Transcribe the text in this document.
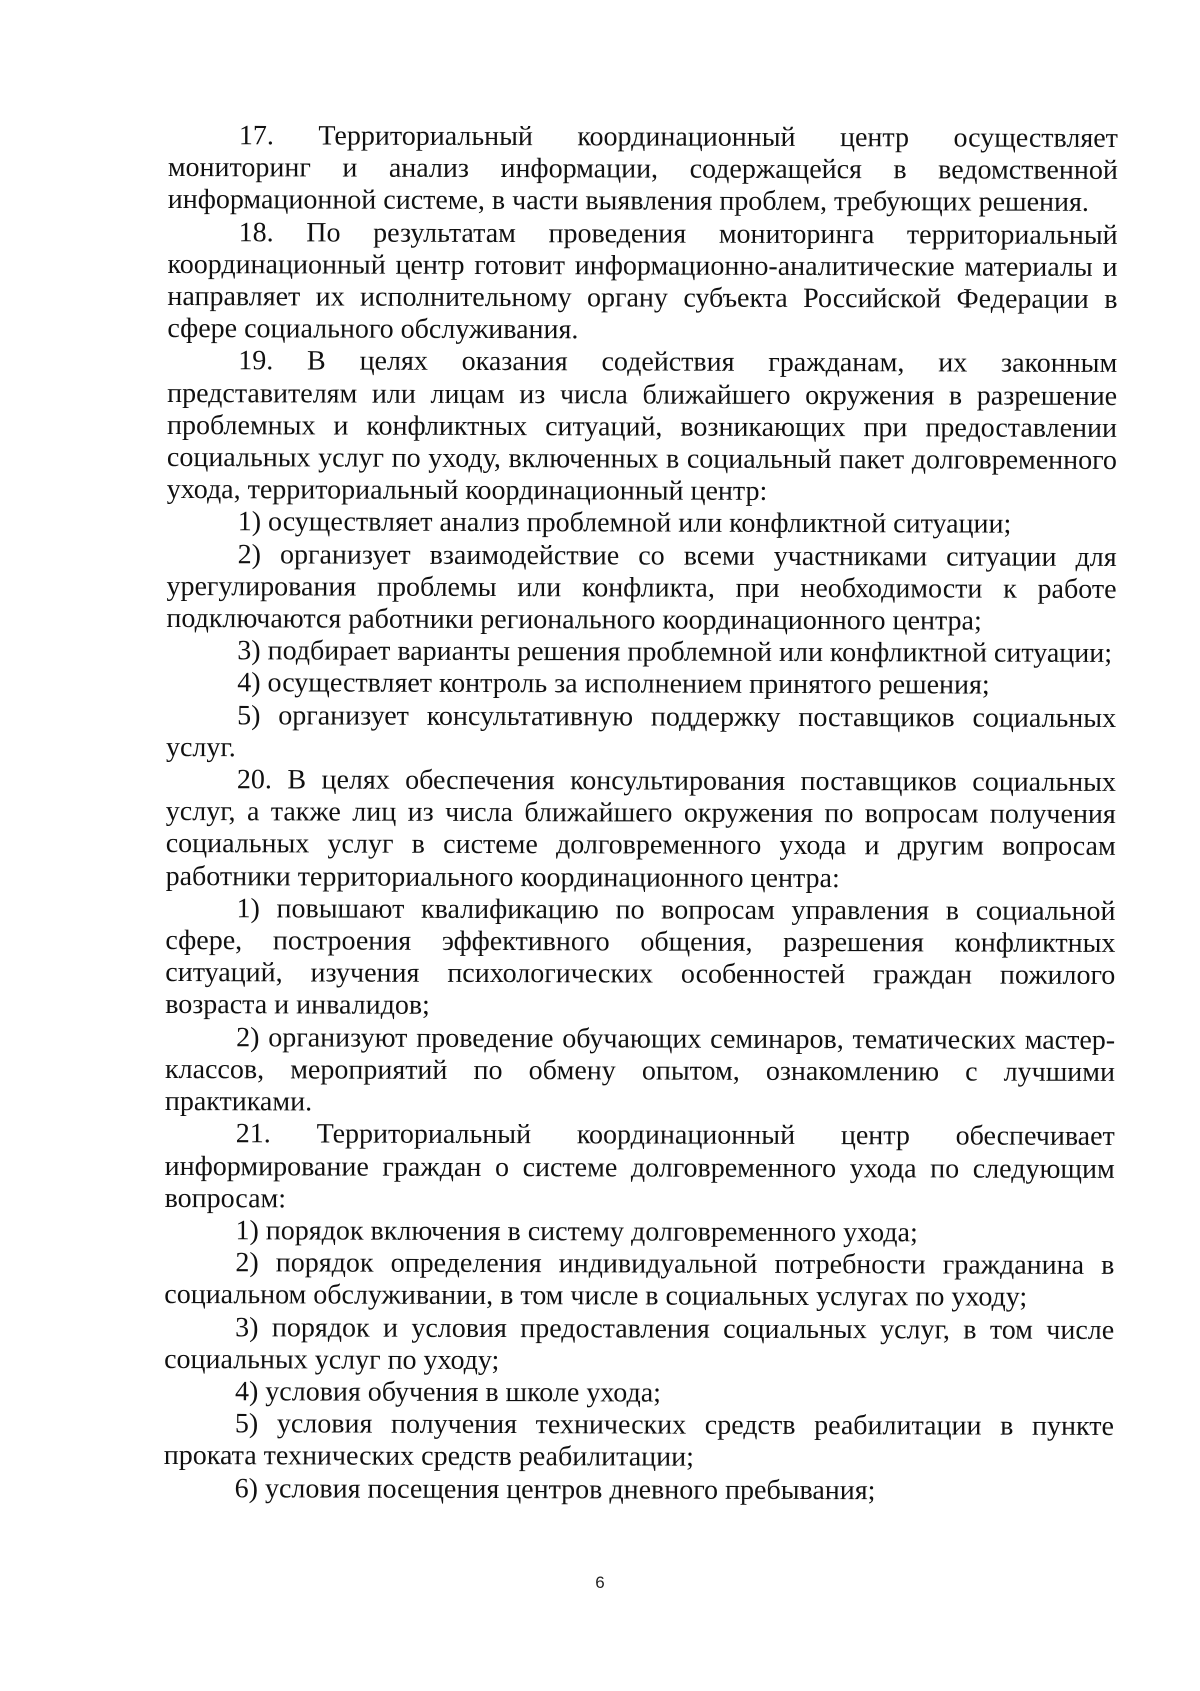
17. Территориальный координационный центр осуществляет мониторинг и анализ информации, содержащейся в ведомственной информационной системе, в части выявления проблем, требующих решения.

18. По результатам проведения мониторинга территориальный координационный центр готовит информационно-аналитические материалы и направляет их исполнительному органу субъекта Российской Федерации в сфере социального обслуживания.

19. В целях оказания содействия гражданам, их законным представителям или лицам из числа ближайшего окружения в разрешение проблемных и конфликтных ситуаций, возникающих при предоставлении социальных услуг по уходу, включенных в социальный пакет долговременного ухода, территориальный координационный центр:

1) осуществляет анализ проблемной или конфликтной ситуации;

2) организует взаимодействие со всеми участниками ситуации для урегулирования проблемы или конфликта, при необходимости к работе подключаются работники регионального координационного центра;

3) подбирает варианты решения проблемной или конфликтной ситуации;

4) осуществляет контроль за исполнением принятого решения;

5) организует консультативную поддержку поставщиков социальных услуг.

20. В целях обеспечения консультирования поставщиков социальных услуг, а также лиц из числа ближайшего окружения по вопросам получения социальных услуг в системе долговременного ухода и другим вопросам работники территориального координационного центра:

1) повышают квалификацию по вопросам управления в социальной сфере, построения эффективного общения, разрешения конфликтных ситуаций, изучения психологических особенностей граждан пожилого возраста и инвалидов;

2) организуют проведение обучающих семинаров, тематических мастер-классов, мероприятий по обмену опытом, ознакомлению с лучшими практиками.

21. Территориальный координационный центр обеспечивает информирование граждан о системе долговременного ухода по следующим вопросам:

1) порядок включения в систему долговременного ухода;

2) порядок определения индивидуальной потребности гражданина в социальном обслуживании, в том числе в социальных услугах по уходу;

3) порядок и условия предоставления социальных услуг, в том числе социальных услуг по уходу;

4) условия обучения в школе ухода;

5) условия получения технических средств реабилитации в пункте проката технических средств реабилитации;

6) условия посещения центров дневного пребывания;

6
